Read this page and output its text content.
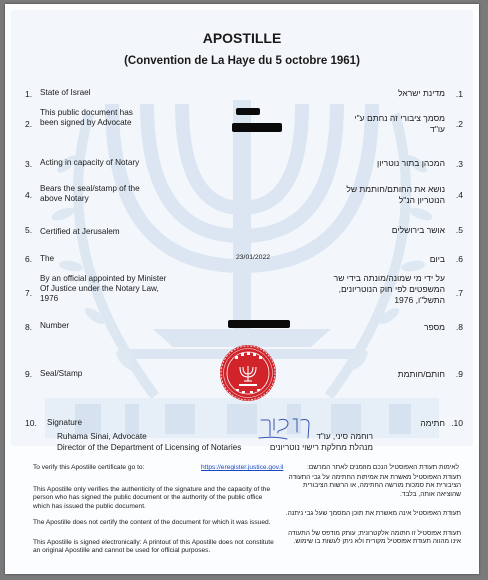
APOSTILLE
(Convention de La Haye du 5 octobre 1961)
1. State of Israel	מדינת ישראל .1
2.
This public document has been signed by Advocate	מסמך ציבורי זה נחתם ע"י עו"ד .2
3. Acting in capacity of Notary	המכהן בתור נוטריון .3
4.
Bears the seal/stamp of the above Notary
נושא את החותם/חותמת של הנוטריון הנ"ל .4
5. Certified at Jerusalem	אושר בירושלים .5
6. The	23/01/2022	ביום .6
7.
By an official appointed by Minister Of Justice under the Notary Law, 1976
על ידי מי שמונה/מונתה בידי שר המשפטים לפי חוק הנוטריונים, התשל"ו, 1976
.7
8. Number	מספר .8
9. Seal/Stamp	חותם/חותמת .9
10. Signature	חתימה .10
Ruhama Sinai, Advocate
Director of the Department of Licensing of Notaries
רוחמה סיני, עו"ד
מנהלת מחלקת רישוי נוטריונים
To verify this Apostille certificate go to:	https://eregister.justice.gov.il	לאימות תעודת האפוסטיל הנכם מוזמנים לאתר המרשם:
This Apostille only verifies the authenticity of the signature and the capacity of the person who has signed the public document or the authority of the public office which has issued the public document.
The Apostille does not certify the content of the document for which it was issued.
This Apostille is signed electronically: A printout of this Apostille does not constitute an original Apostille and cannot be used for official purposes.
תעודת האפוסטיל מאשרת את אמיתות החתימה על גבי התעודה הציבורית את סמכות מורשה החתימה, או הרשות הציבורית שהוציאה אותה, בלבד.
תעודת האפוסטיל אינה מאשרת את תוכן המסמך שעל גבי ניתנה.
תעודת אפוסטיל זו חתומה אלקטרונית; עותק מודפס של התעודה אינו מהווה תעודת אפוסטיל מקורית ולא ניתן לעשות בו שימוש.
